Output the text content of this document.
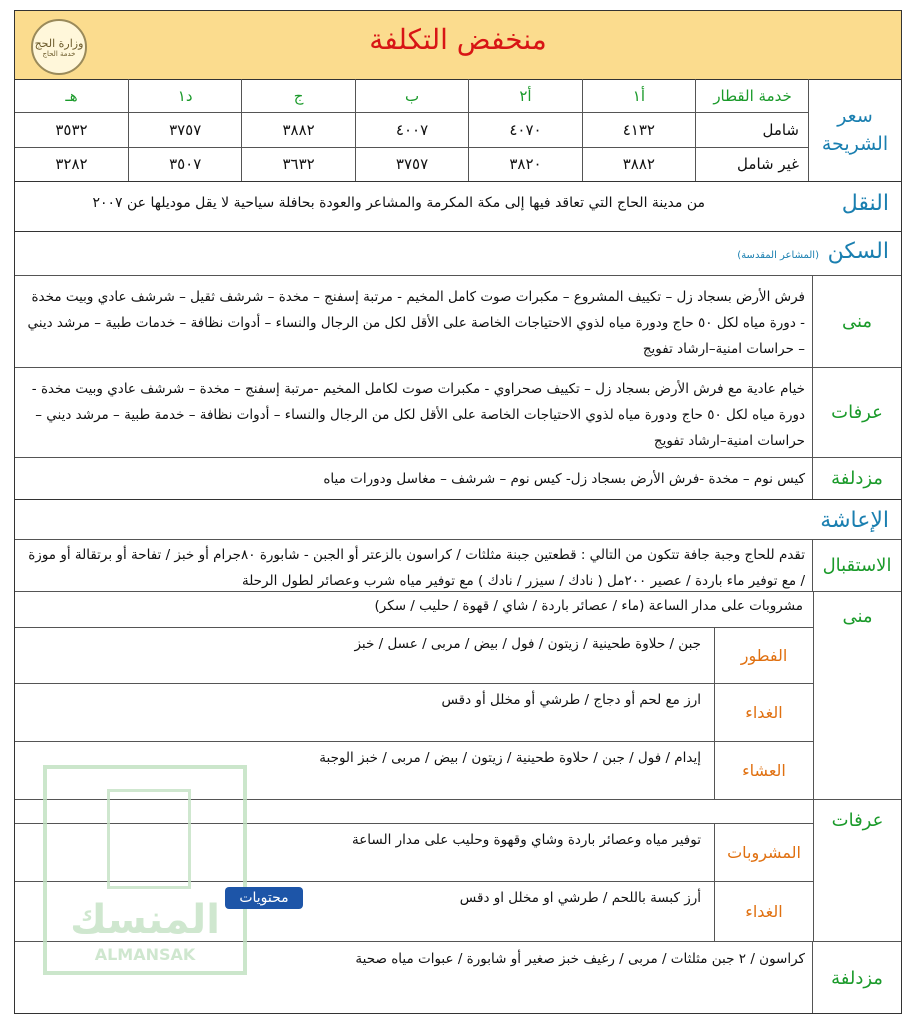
وزارة الحج
خدمة الحاج	منخفض التكلفة
سعر الشريحة
خدمة القطار	أ١	أ٢	ب	ج	د١	هـ
شامل	٤١٣٢	٤٠٧٠	٤٠٠٧	٣٨٨٢	٣٧٥٧	٣٥٣٢
غير شامل	٣٨٨٢	٣٨٢٠	٣٧٥٧	٣٦٣٢	٣٥٠٧	٣٢٨٢
النقل
من مدينة الحاج التي تعاقد فيها إلى مكة المكرمة والمشاعر والعودة بحافلة سياحية لا يقل موديلها عن ٢٠٠٧
السكن
(المشاعر المقدسة)
منى
فرش الأرض بسجاد زل – تكييف المشروع – مكبرات صوت كامل المخيم - مرتبة إسفنج – مخدة – شرشف ثقيل – شرشف عادي وبيت مخدة - دورة مياه لكل ٥٠ حاج ودورة مياه لذوي الاحتياجات الخاصة على الأقل لكل من الرجال والنساء – أدوات نظافة – خدمات طبية – مرشد ديني – حراسات امنية–ارشاد تفويج
عرفات
خيام عادية مع فرش الأرض بسجاد زل – تكييف صحراوي - مكبرات صوت لكامل المخيم -مرتبة إسفنج – مخدة – شرشف عادي وبيت مخدة - دورة مياه لكل ٥٠ حاج ودورة مياه لذوي الاحتياجات الخاصة على الأقل لكل من الرجال والنساء – أدوات نظافة – خدمة طبية – مرشد ديني – حراسات امنية–ارشاد تفويج
مزدلفة
كيس نوم – مخدة -فرش الأرض بسجاد زل- كيس نوم – شرشف – مغاسل ودورات مياه
الإعاشة
الاستقبال
تقدم للحاج وجبة جافة تتكون من التالي : قطعتين جبنة مثلثات / كراسون بالزعتر أو الجبن - شابورة ٨٠جرام أو خبز / تفاحة أو برتقالة أو موزة / مع توفير ماء باردة / عصير ٢٠٠مل ( نادك / سيزر / نادك ) مع توفير مياه شرب وعصائر لطول الرحلة
منى
مشروبات على مدار الساعة (ماء / عصائر باردة / شاي / قهوة / حليب / سكر)
الفطور
جبن / حلاوة طحينية / زيتون / فول / بيض / مربى / عسل / خبز
الغداء
ارز مع لحم أو دجاج / طرشي أو مخلل أو دقس
العشاء
إيدام / فول / جبن / حلاوة طحينية / زيتون / بيض / مربى / خبز الوجبة
عرفات
المشروبات
توفير مياه وعصائر باردة وشاي وقهوة وحليب على مدار الساعة
الغداء
أرز كبسة باللحم / طرشي او مخلل او دقس
مزدلفة
كراسون / ٢ جبن مثلثات / مربى / رغيف خبز صغير أو شابورة / عبوات مياه صحية
المنسك
ALMANSAK
محتويات
